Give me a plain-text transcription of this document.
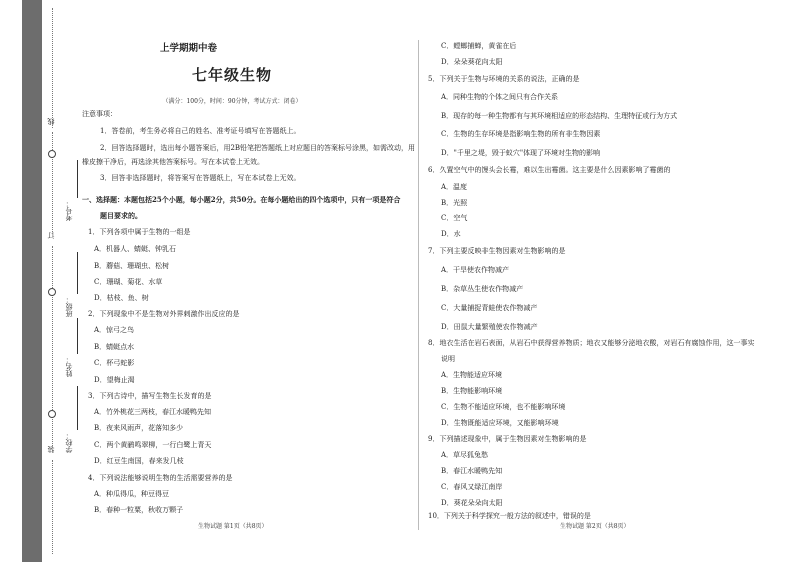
线
订
装
考号：
班级：
姓名：
学校：
上学期期中卷
七年级生物
（满分：100分，时间：90分钟，考试方式：闭卷）
注意事项：
1．答卷前，考生务必将自己的姓名、准考证号填写在答题纸上。
2．回答选择题时，选出每小题答案后，用2B铅笔把答题纸上对应题目的答案标号涂黑，如需改动，用
橡皮擦干净后，再选涂其他答案标号。写在本试卷上无效。
3．回答非选择题时，将答案写在答题纸上，写在本试卷上无效。
一、选择题：本题包括25个小题，每小题2分，共50分。在每小题给出的四个选项中，只有一项是符合
题目要求的。
1．下列各项中属于生物的一组是
A．机器人、蜻蜓、钟乳石
B．蘑菇、珊瑚虫、松树
C．珊瑚、菊花、水草
D．枯枝、鱼、树
2．下列现象中不是生物对外界刺激作出反应的是
A．惊弓之鸟
B．蜻蜓点水
C．杯弓蛇影
D．望梅止渴
3．下列古诗中，描写生物生长发育的是
A．竹外桃花三两枝，春江水暖鸭先知
B．夜来风雨声，花落知多少
C．两个黄鹂鸣翠柳，一行白鹭上青天
D．红豆生南国，春来发几枝
4．下列说法能够说明生物的生活需要营养的是
A．种瓜得瓜，种豆得豆
B．春种一粒粟，秋收万颗子
生物试题 第1页（共8页）
C．螳螂捕蝉，黄雀在后
D．朵朵葵花向太阳
5．下列关于生物与环境的关系的说法，正确的是
A．同种生物的个体之间只有合作关系
B．现存的每一种生物都有与其环境相适应的形态结构、生理特征或行为方式
C．生物的生存环境是指影响生物的所有非生物因素
D．"千里之堤，毁于蚁穴"体现了环境对生物的影响
6．久置空气中的馒头会长霉，难以生出霉菌。这主要是什么因素影响了霉菌的
A．温度
B．光照
C．空气
D．水
7．下列主要反映非生物因素对生物影响的是
A．干旱使农作物减产
B．杂草丛生使农作物减产
C．大量捕捉青蛙使农作物减产
D．田鼠大量繁殖使农作物减产
8．地衣生活在岩石表面，从岩石中获得营养物质；地衣又能够分泌地衣酸，对岩石有腐蚀作用，这一事实
说明
A．生物能适应环境
B．生物能影响环境
C．生物不能适应环境，也不能影响环境
D．生物既能适应环境，又能影响环境
9．下列描述现象中，属于生物因素对生物影响的是
A．草尽狐兔愁
B．春江水暖鸭先知
C．春风又绿江南岸
D．葵花朵朵向太阳
10．下列关于科学探究一般方法的叙述中，错误的是
生物试题 第2页（共8页）
